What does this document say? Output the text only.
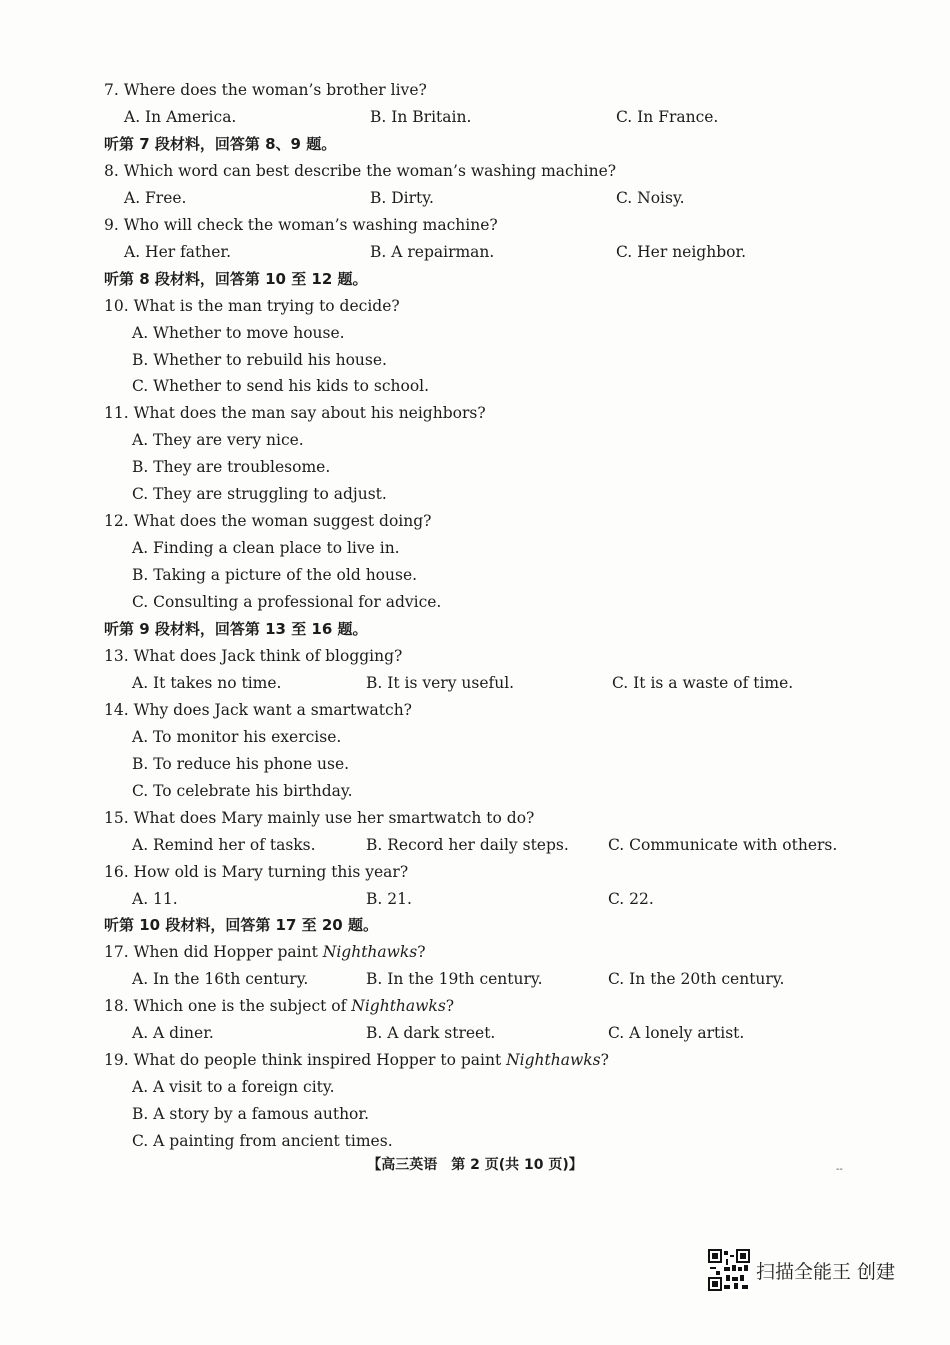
7. Where does the woman’s brother live?
A. In America.	B. In Britain.	C. In France.
听第 7 段材料，回答第 8、9 题。
8. Which word can best describe the woman’s washing machine?
A. Free.	B. Dirty.	C. Noisy.
9. Who will check the woman’s washing machine?
A. Her father.	B. A repairman.	C. Her neighbor.
听第 8 段材料，回答第 10 至 12 题。
10. What is the man trying to decide?
A. Whether to move house.
B. Whether to rebuild his house.
C. Whether to send his kids to school.
11. What does the man say about his neighbors?
A. They are very nice.
B. They are troublesome.
C. They are struggling to adjust.
12. What does the woman suggest doing?
A. Finding a clean place to live in.
B. Taking a picture of the old house.
C. Consulting a professional for advice.
听第 9 段材料，回答第 13 至 16 题。
13. What does Jack think of blogging?
A. It takes no time.	B. It is very useful.	C. It is a waste of time.
14. Why does Jack want a smartwatch?
A. To monitor his exercise.
B. To reduce his phone use.
C. To celebrate his birthday.
15. What does Mary mainly use her smartwatch to do?
A. Remind her of tasks.	B. Record her daily steps.	C. Communicate with others.
16. How old is Mary turning this year?
A. 11.	B. 21.	C. 22.
听第 10 段材料，回答第 17 至 20 题。
17. When did Hopper paint Nighthawks?
A. In the 16th century.	B. In the 19th century.	C. In the 20th century.
18. Which one is the subject of Nighthawks?
A. A diner.	B. A dark street.	C. A lonely artist.
19. What do people think inspired Hopper to paint Nighthawks?
A. A visit to a foreign city.
B. A story by a famous author.
C. A painting from ancient times.
【高三英语　第 2 页(共 10 页)】	--
扫描全能王 创建
